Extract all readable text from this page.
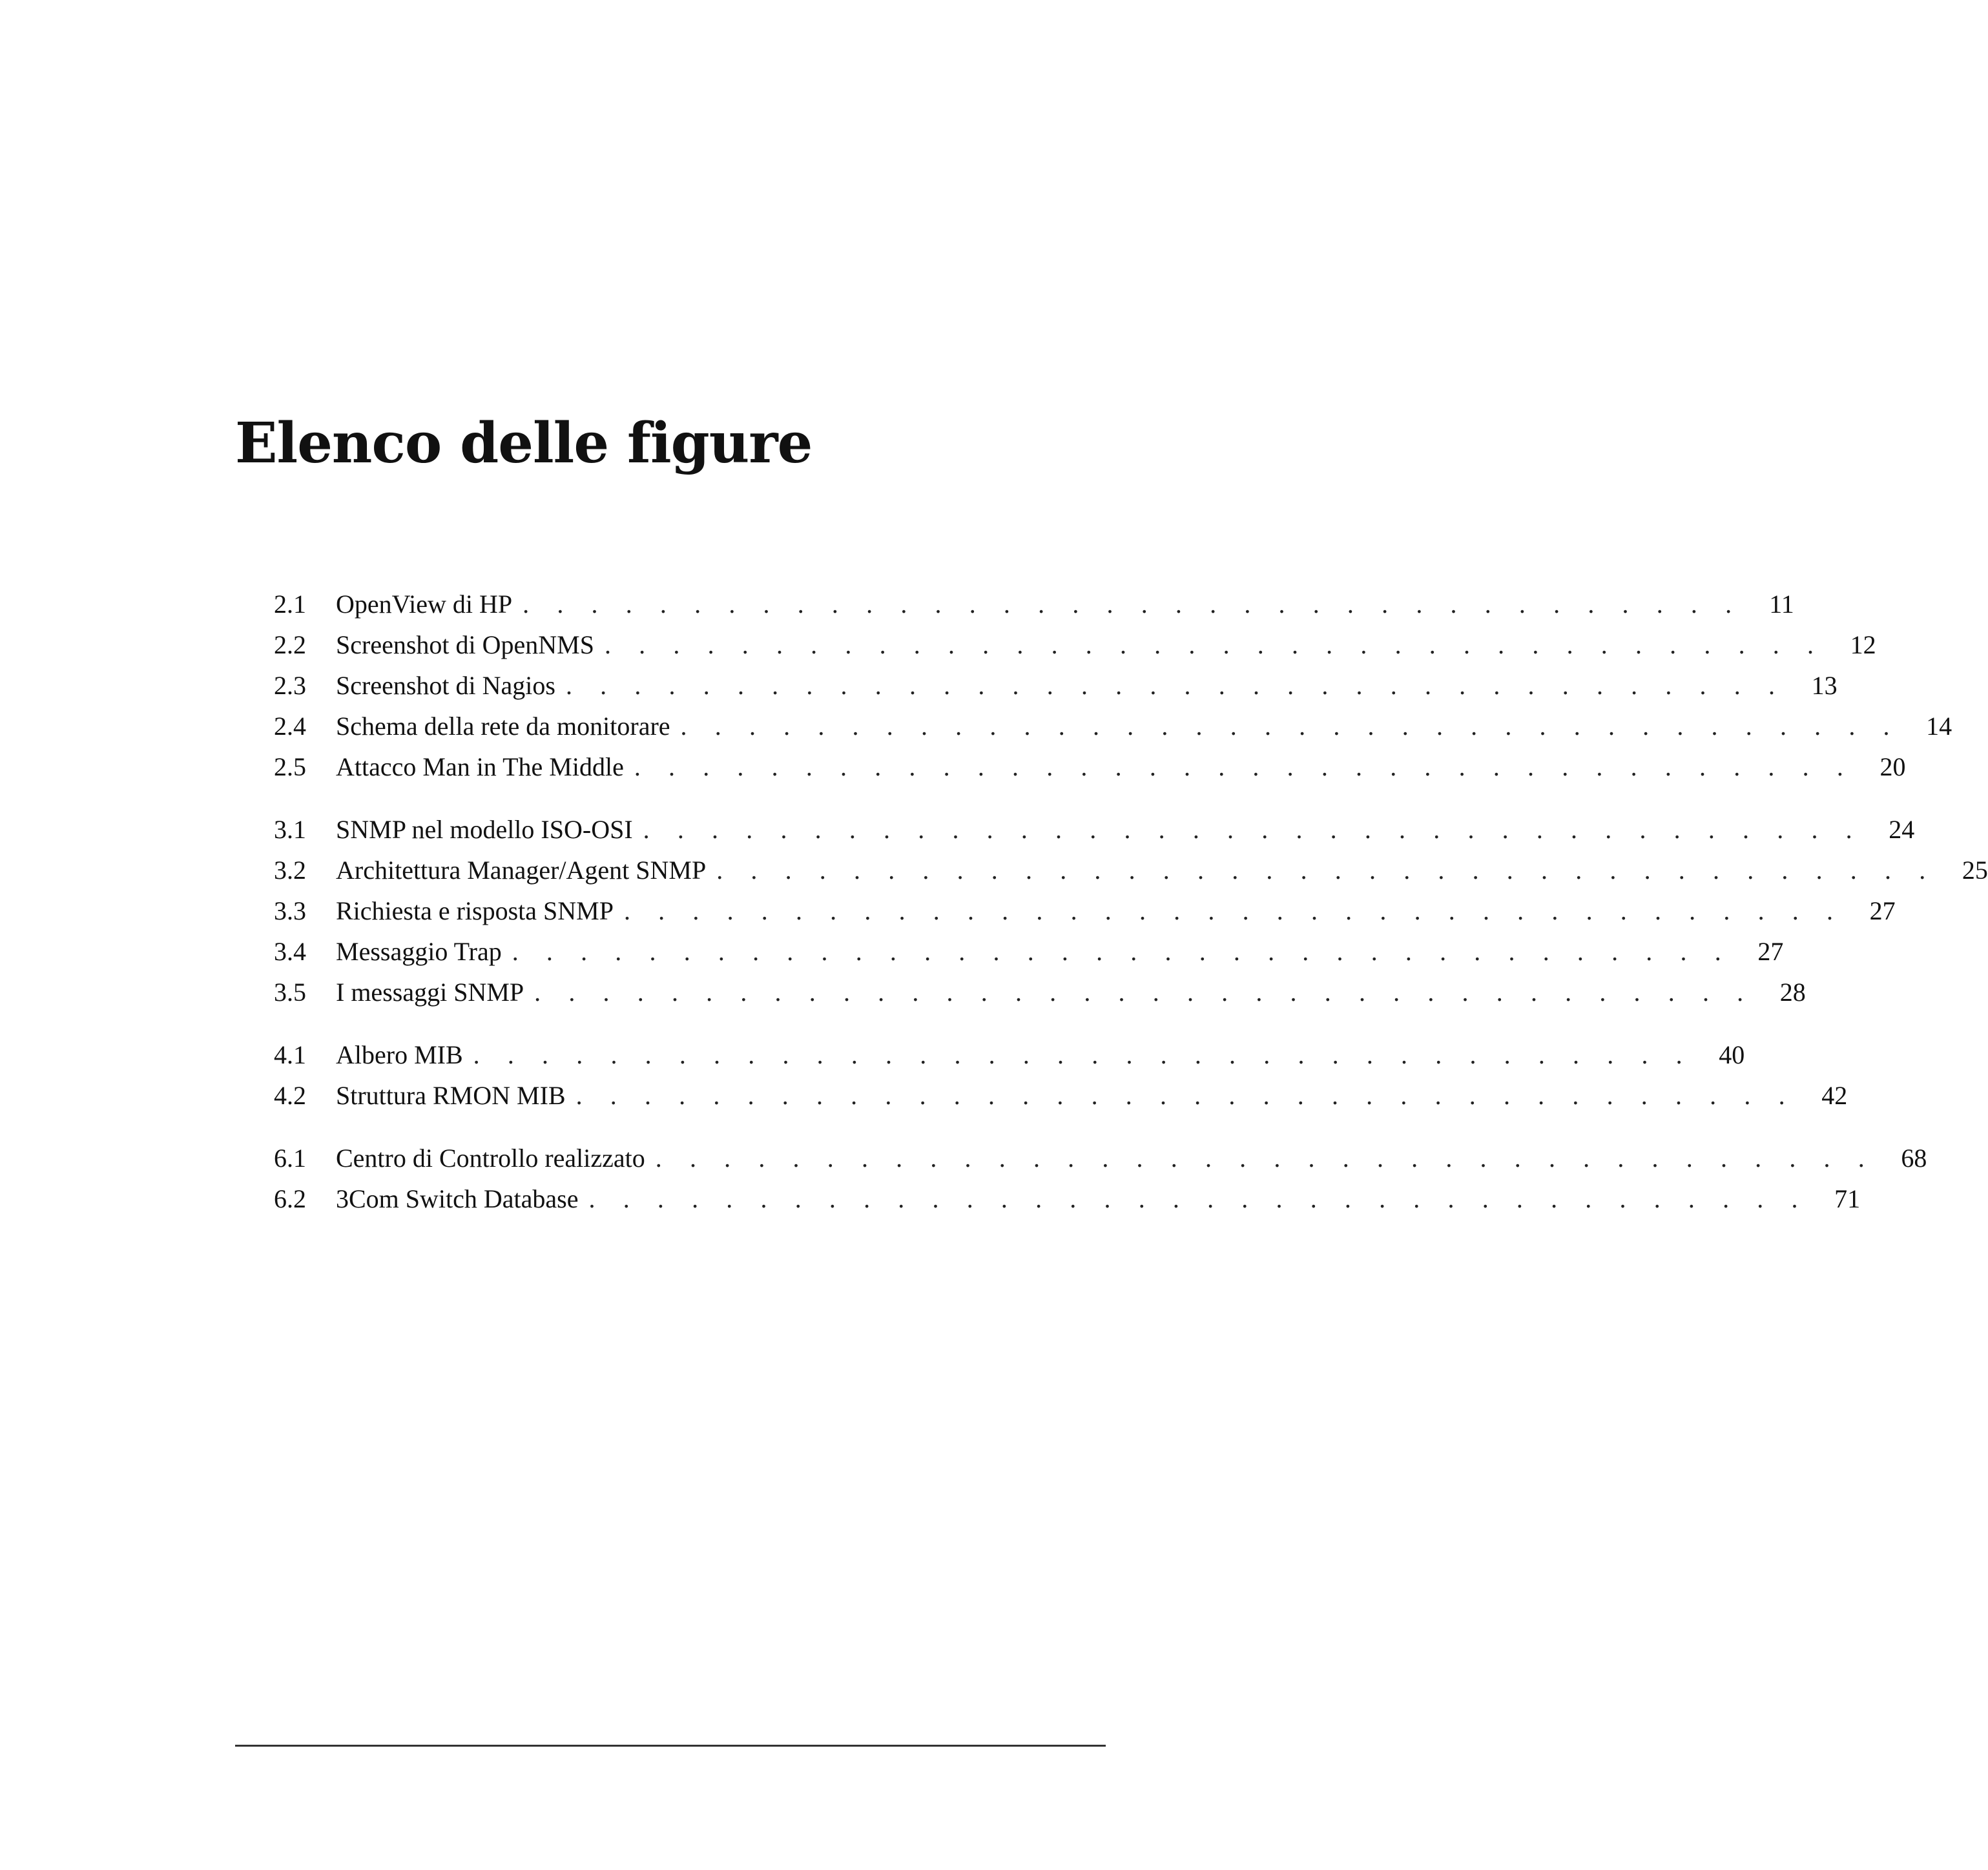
Elenco delle figure
2.1	OpenView di HP . . . . . . . . . . . . . . . . . . . . . . . . . . . . . . . . . . . .	11
2.2	Screenshot di OpenNMS . . . . . . . . . . . . . . . . . . . . . . . . . . . . . . . . . . . .	12
2.3	Screenshot di Nagios . . . . . . . . . . . . . . . . . . . . . . . . . . . . . . . . . . . .	13
2.4	Schema della rete da monitorare . . . . . . . . . . . . . . . . . . . . . . . . . . . . . . . . . . . .	14
2.5	Attacco Man in The Middle . . . . . . . . . . . . . . . . . . . . . . . . . . . . . . . . . . . .	20
3.1	SNMP nel modello ISO-OSI . . . . . . . . . . . . . . . . . . . . . . . . . . . . . . . . . . . .	24
3.2	Architettura Manager/Agent SNMP . . . . . . . . . . . . . . . . . . . . . . . . . . . . . . . . . . . .	25
3.3	Richiesta e risposta SNMP . . . . . . . . . . . . . . . . . . . . . . . . . . . . . . . . . . . .	27
3.4	Messaggio Trap . . . . . . . . . . . . . . . . . . . . . . . . . . . . . . . . . . . .	27
3.5	I messaggi SNMP . . . . . . . . . . . . . . . . . . . . . . . . . . . . . . . . . . . .	28
4.1	Albero MIB . . . . . . . . . . . . . . . . . . . . . . . . . . . . . . . . . . . .	40
4.2	Struttura RMON MIB . . . . . . . . . . . . . . . . . . . . . . . . . . . . . . . . . . . .	42
6.1	Centro di Controllo realizzato . . . . . . . . . . . . . . . . . . . . . . . . . . . . . . . . . . . .	68
6.2	3Com Switch Database . . . . . . . . . . . . . . . . . . . . . . . . . . . . . . . . . . . .	71
